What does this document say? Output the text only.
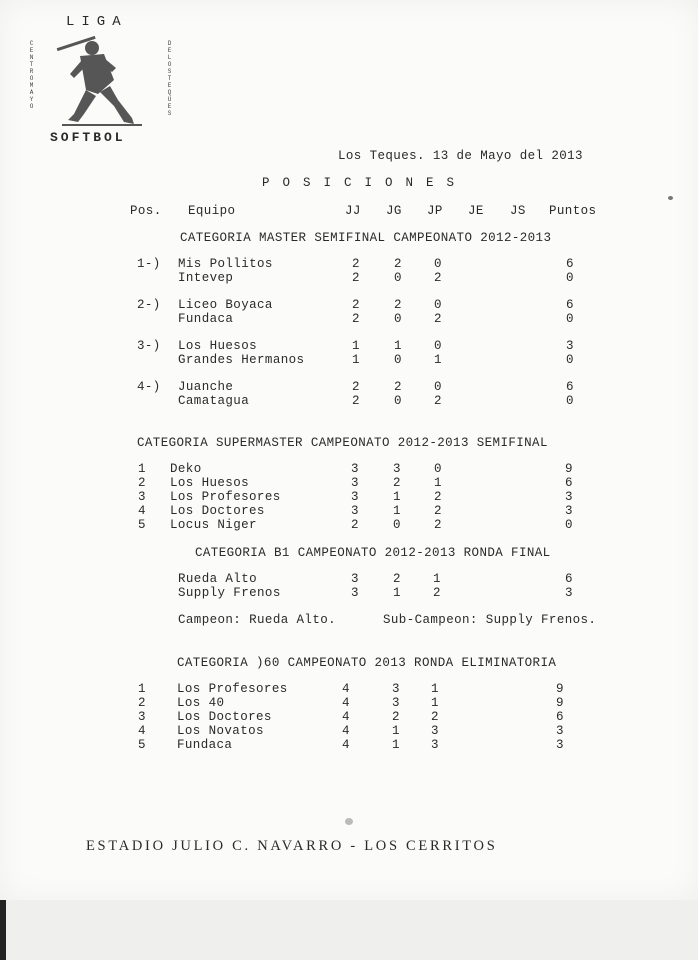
LIGA
CENTRO MAYO
DE LOS TEQUES
SOFTBOL
Los Teques. 13 de Mayo del 2013
POSICIONES
Pos. Equipo	JJ JG JP JE JS Puntos
CATEGORIA MASTER SEMIFINAL CAMPEONATO 2012-2013
1-) Mis Pollitos	2	2	0	6
Intevep	2	0	2	0
2-) Liceo Boyaca	2	2	0	6
Fundaca	2	0	2	0
3-) Los Huesos	1	1	0	3
Grandes Hermanos	1	0	1	0
4-) Juanche	2	2	0	6
Camatagua	2	0	2	0
CATEGORIA SUPERMASTER CAMPEONATO 2012-2013 SEMIFINAL
1 Deko	3	3	0	9
2 Los Huesos	3	2	1	6
3 Los Profesores	3	1	2	3
4 Los Doctores	3	1	2	3
5 Locus Niger	2	0	2	0
CATEGORIA B1 CAMPEONATO 2012-2013 RONDA FINAL
Rueda Alto	3	2	1	6
Supply Frenos	3	1	2	3
Campeon: Rueda Alto.	Sub-Campeon: Supply Frenos.
CATEGORIA )60 CAMPEONATO 2013 RONDA ELIMINATORIA
1 Los Profesores	4	3 1	9
2 Los 40	4	3 1	9
3 Los Doctores	4	2 2	6
4 Los Novatos	4	1 3	3
5 Fundaca	4	1 3	3
ESTADIO JULIO C. NAVARRO - LOS CERRITOS
